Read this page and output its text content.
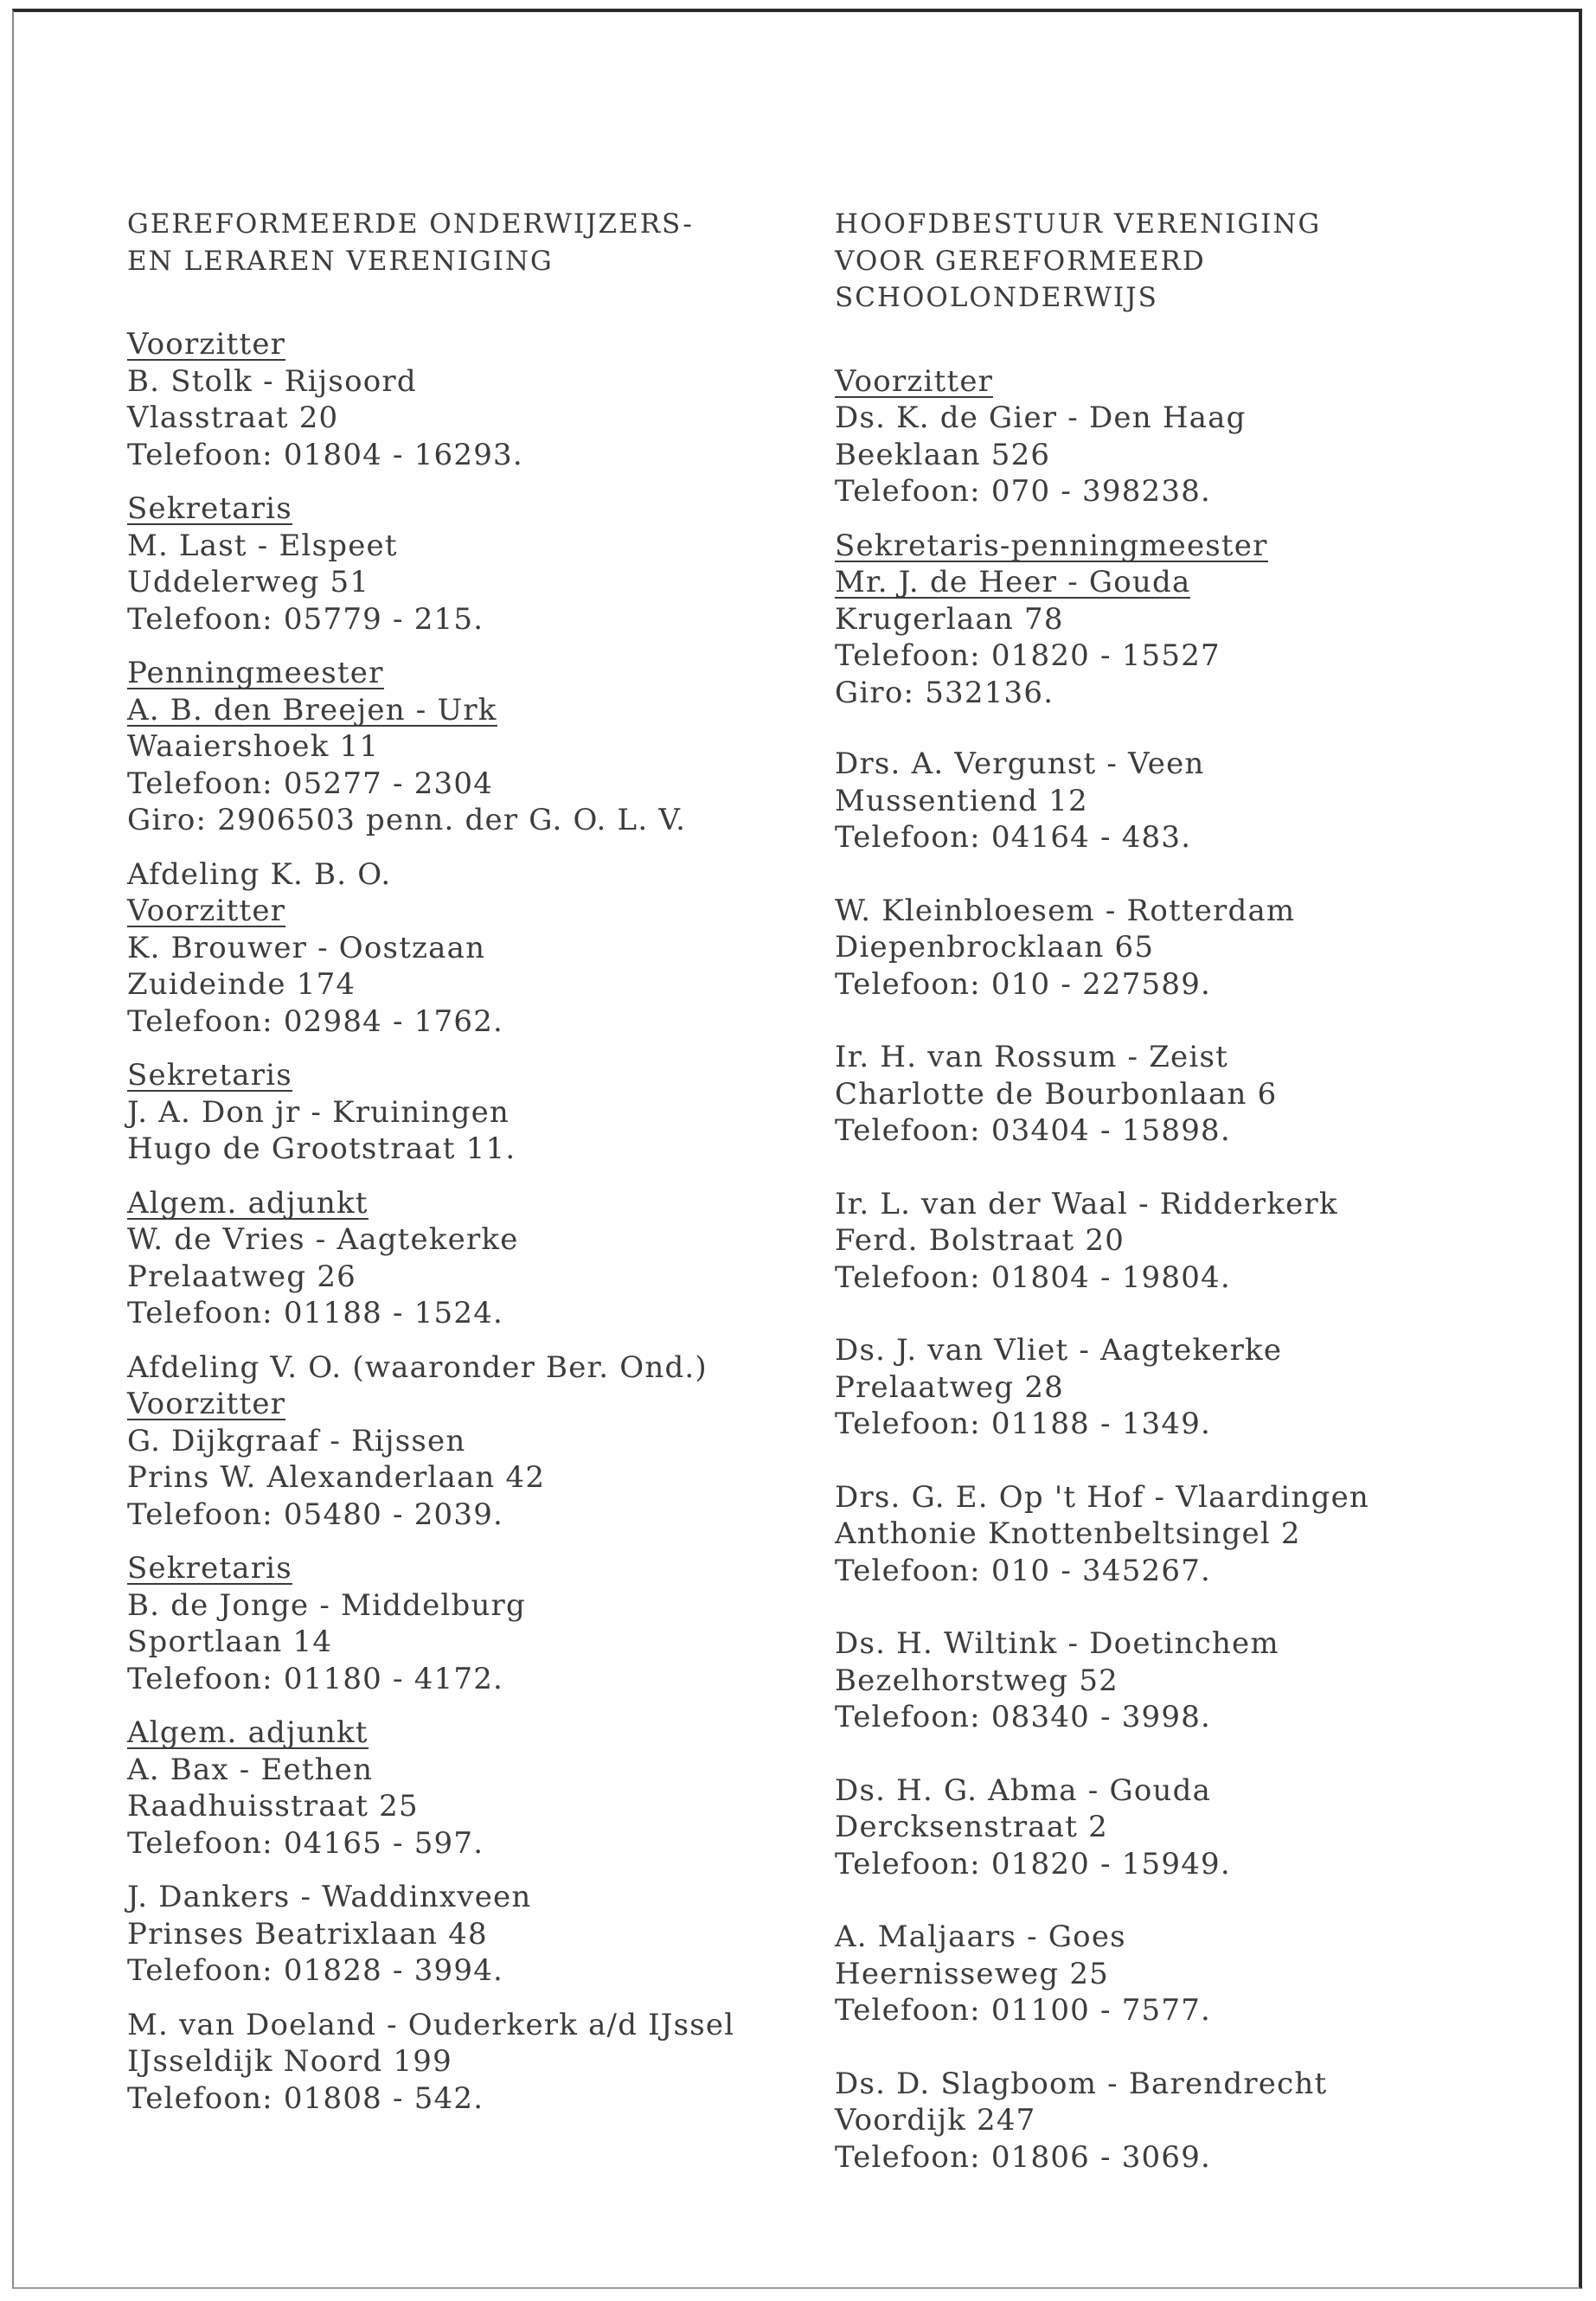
GEREFORMEERDE ONDERWIJZERS-
EN LERAREN VERENIGING
Voorzitter
B. Stolk - Rijsoord
Vlasstraat 20
Telefoon: 01804 - 16293.
Sekretaris
M. Last - Elspeet
Uddelerweg 51
Telefoon: 05779 - 215.
Penningmeester
A. B. den Breejen - Urk
Waaiershoek 11
Telefoon: 05277 - 2304
Giro: 2906503 penn. der G. O. L. V.
Afdeling K. B. O.
Voorzitter
K. Brouwer - Oostzaan
Zuideinde 174
Telefoon: 02984 - 1762.
Sekretaris
J. A. Don jr - Kruiningen
Hugo de Grootstraat 11.
Algem. adjunkt
W. de Vries - Aagtekerke
Prelaatweg 26
Telefoon: 01188 - 1524.
Afdeling V. O. (waaronder Ber. Ond.)
Voorzitter
G. Dijkgraaf - Rijssen
Prins W. Alexanderlaan 42
Telefoon: 05480 - 2039.
Sekretaris
B. de Jonge - Middelburg
Sportlaan 14
Telefoon: 01180 - 4172.
Algem. adjunkt
A. Bax - Eethen
Raadhuisstraat 25
Telefoon: 04165 - 597.
J. Dankers - Waddinxveen
Prinses Beatrixlaan 48
Telefoon: 01828 - 3994.
M. van Doeland - Ouderkerk a/d IJssel
IJsseldijk Noord 199
Telefoon: 01808 - 542.
HOOFDBESTUUR VERENIGING
VOOR GEREFORMEERD
SCHOOLONDERWIJS
Voorzitter
Ds. K. de Gier - Den Haag
Beeklaan 526
Telefoon: 070 - 398238.
Sekretaris-penningmeester
Mr. J. de Heer - Gouda
Krugerlaan 78
Telefoon: 01820 - 15527
Giro: 532136.
Drs. A. Vergunst - Veen
Mussentiend 12
Telefoon: 04164 - 483.
W. Kleinbloesem - Rotterdam
Diepenbrocklaan 65
Telefoon: 010 - 227589.
Ir. H. van Rossum - Zeist
Charlotte de Bourbonlaan 6
Telefoon: 03404 - 15898.
Ir. L. van der Waal - Ridderkerk
Ferd. Bolstraat 20
Telefoon: 01804 - 19804.
Ds. J. van Vliet - Aagtekerke
Prelaatweg 28
Telefoon: 01188 - 1349.
Drs. G. E. Op 't Hof - Vlaardingen
Anthonie Knottenbeltsingel 2
Telefoon: 010 - 345267.
Ds. H. Wiltink - Doetinchem
Bezelhorstweg 52
Telefoon: 08340 - 3998.
Ds. H. G. Abma - Gouda
Dercksenstraat 2
Telefoon: 01820 - 15949.
A. Maljaars - Goes
Heernisseweg 25
Telefoon: 01100 - 7577.
Ds. D. Slagboom - Barendrecht
Voordijk 247
Telefoon: 01806 - 3069.
